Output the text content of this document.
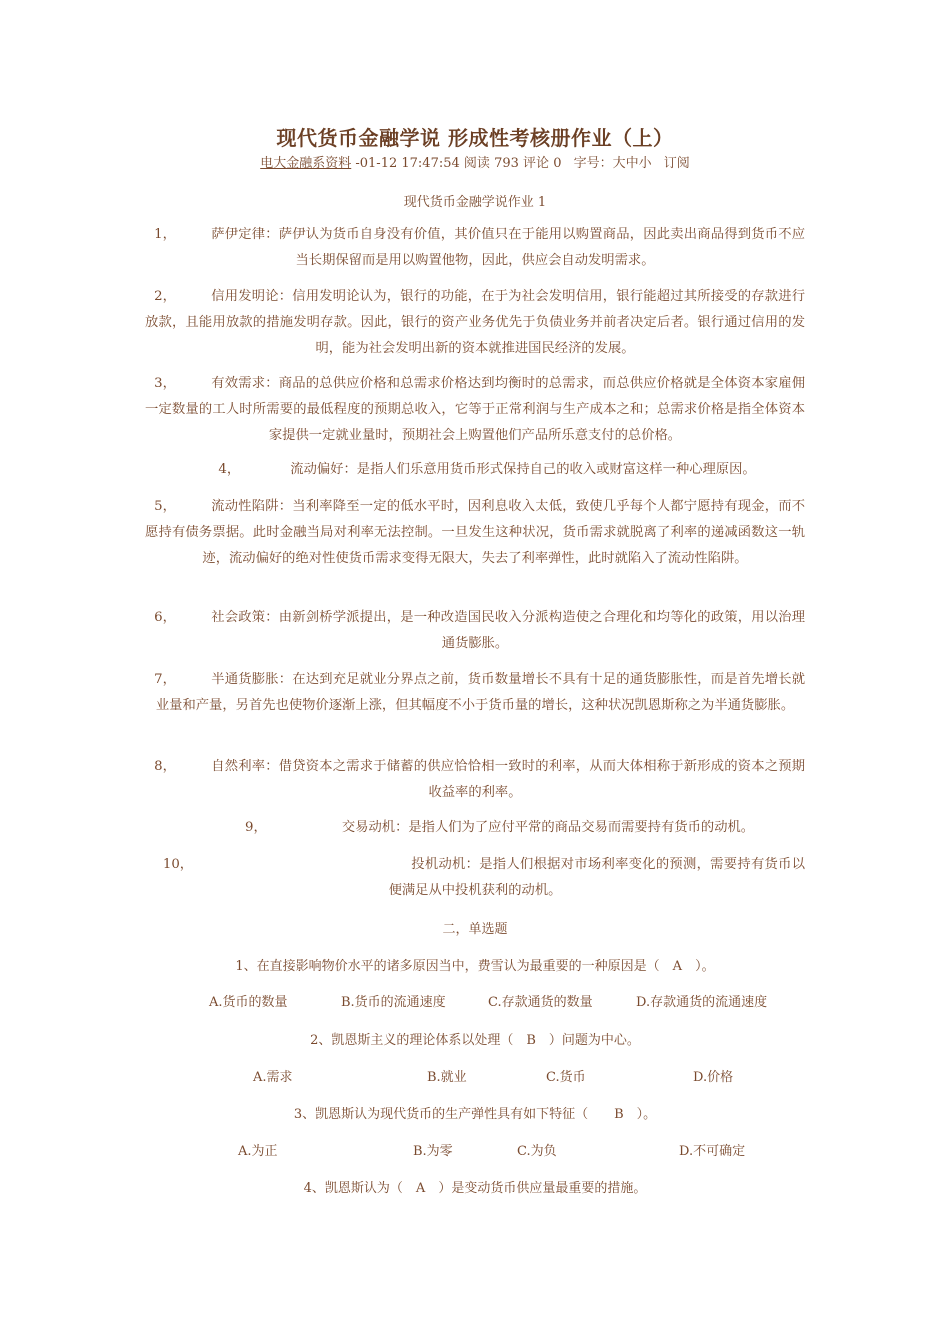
现代货币金融学说 形成性考核册作业（上）
电大金融系资料 -01-12 17:47:54 阅读 793 评论 0 字号：大中小 订阅
现代货币金融学说作业 1
1，	萨伊定律：萨伊认为货币自身没有价值，其价值只在于能用以购置商品，因此卖出商品得到货币不应当长期保留而是用以购置他物，因此，供应会自动发明需求。
2，	信用发明论：信用发明论认为，银行的功能，在于为社会发明信用，银行能超过其所接受的存款进行放款，且能用放款的措施发明存款。因此，银行的资产业务优先于负债业务并前者决定后者。银行通过信用的发明，能为社会发明出新的资本就推进国民经济的发展。
3，	有效需求：商品的总供应价格和总需求价格达到均衡时的总需求，而总供应价格就是全体资本家雇佣一定数量的工人时所需要的最低程度的预期总收入，它等于正常利润与生产成本之和；总需求价格是指全体资本家提供一定就业量时，预期社会上购置他们产品所乐意支付的总价格。
4，	流动偏好：是指人们乐意用货币形式保持自己的收入或财富这样一种心理原因。
5，	流动性陷阱：当利率降至一定的低水平时，因利息收入太低，致使几乎每个人都宁愿持有现金，而不愿持有债务票据。此时金融当局对利率无法控制。一旦发生这种状况，货币需求就脱离了利率的递减函数这一轨迹，流动偏好的绝对性使货币需求变得无限大，失去了利率弹性，此时就陷入了流动性陷阱。
6，	社会政策：由新剑桥学派提出，是一种改造国民收入分派构造使之合理化和均等化的政策，用以治理通货膨胀。
7，	半通货膨胀：在达到充足就业分界点之前，货币数量增长不具有十足的通货膨胀性，而是首先增长就业量和产量，另首先也使物价逐渐上涨，但其幅度不小于货币量的增长，这种状况凯恩斯称之为半通货膨胀。
8，	自然利率：借贷资本之需求于储蓄的供应恰恰相一致时的利率，从而大体相称于新形成的资本之预期收益率的利率。
9，	交易动机：是指人们为了应付平常的商品交易而需要持有货币的动机。
10，	投机动机：是指人们根据对市场利率变化的预测，需要持有货币以便满足从中投机获利的动机。
二，单选题
1、在直接影响物价水平的诸多原因当中，费雪认为最重要的一种原因是（　A　）。
A.货币的数量	B.货币的流通速度	C.存款通货的数量	D.存款通货的流通速度
2、凯恩斯主义的理论体系以处理（　B　）问题为中心。
A.需求	B.就业	C.货币	D.价格
3、凯恩斯认为现代货币的生产弹性具有如下特征（　　B　）。
A.为正	B.为零	C.为负	D.不可确定
4、凯恩斯认为（　A　）是变动货币供应量最重要的措施。
